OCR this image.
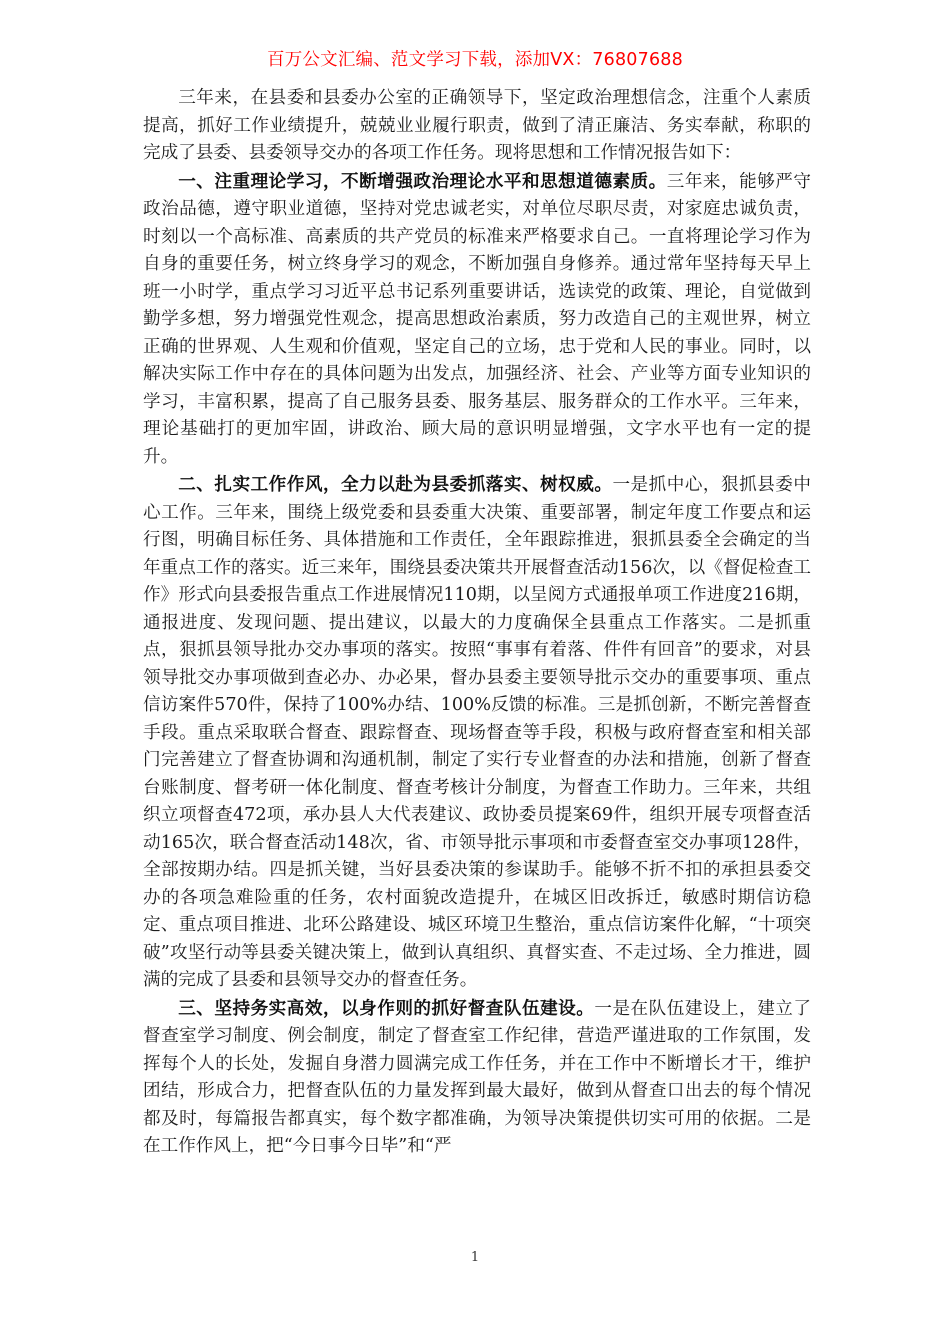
百万公文汇编、范文学习下载，添加VX：76807688

三年来，在县委和县委办公室的正确领导下，坚定政治理想信念，注重个人素质提高，抓好工作业绩提升，兢兢业业履行职责，做到了清正廉洁、务实奉献，称职的完成了县委、县委领导交办的各项工作任务。现将思想和工作情况报告如下：

一、注重理论学习，不断增强政治理论水平和思想道德素质。三年来，能够严守政治品德，遵守职业道德，坚持对党忠诚老实，对单位尽职尽责，对家庭忠诚负责，时刻以一个高标准、高素质的共产党员的标准来严格要求自己。一直将理论学习作为自身的重要任务，树立终身学习的观念，不断加强自身修养。通过常年坚持每天早上班一小时学，重点学习习近平总书记系列重要讲话，选读党的政策、理论，自觉做到勤学多想，努力增强党性观念，提高思想政治素质，努力改造自己的主观世界，树立正确的世界观、人生观和价值观，坚定自己的立场，忠于党和人民的事业。同时，以解决实际工作中存在的具体问题为出发点，加强经济、社会、产业等方面专业知识的学习，丰富积累，提高了自己服务县委、服务基层、服务群众的工作水平。三年来，理论基础打的更加牢固，讲政治、顾大局的意识明显增强，文字水平也有一定的提升。

二、扎实工作作风，全力以赴为县委抓落实、树权威。一是抓中心，狠抓县委中心工作。三年来，围绕上级党委和县委重大决策、重要部署，制定年度工作要点和运行图，明确目标任务、具体措施和工作责任，全年跟踪推进，狠抓县委全会确定的当年重点工作的落实。近三来年，围绕县委决策共开展督查活动156次，以《督促检查工作》形式向县委报告重点工作进展情况110期，以呈阅方式通报单项工作进度216期，通报进度、发现问题、提出建议，以最大的力度确保全县重点工作落实。二是抓重点，狠抓县领导批办交办事项的落实。按照“事事有着落、件件有回音”的要求，对县领导批交办事项做到查必办、办必果，督办县委主要领导批示交办的重要事项、重点信访案件570件，保持了100%办结、100%反馈的标准。三是抓创新，不断完善督查手段。重点采取联合督查、跟踪督查、现场督查等手段，积极与政府督查室和相关部门完善建立了督查协调和沟通机制，制定了实行专业督查的办法和措施，创新了督查台账制度、督考研一体化制度、督查考核计分制度，为督查工作助力。三年来，共组织立项督查472项，承办县人大代表建议、政协委员提案69件，组织开展专项督查活动165次，联合督查活动148次，省、市领导批示事项和市委督查室交办事项128件，全部按期办结。四是抓关键，当好县委决策的参谋助手。能够不折不扣的承担县委交办的各项急难险重的任务，农村面貌改造提升，在城区旧改拆迁，敏感时期信访稳定、重点项目推进、北环公路建设、城区环境卫生整治，重点信访案件化解，“十项突破”攻坚行动等县委关键决策上，做到认真组织、真督实查、不走过场、全力推进，圆满的完成了县委和县领导交办的督查任务。

三、坚持务实高效，以身作则的抓好督查队伍建设。一是在队伍建设上，建立了督查室学习制度、例会制度，制定了督查室工作纪律，营造严谨进取的工作氛围，发挥每个人的长处，发掘自身潜力圆满完成工作任务，并在工作中不断增长才干，维护团结，形成合力，把督查队伍的力量发挥到最大最好，做到从督查口出去的每个情况都及时，每篇报告都真实，每个数字都准确，为领导决策提供切实可用的依据。二是在工作作风上，把“今日事今日毕”和“严

1
